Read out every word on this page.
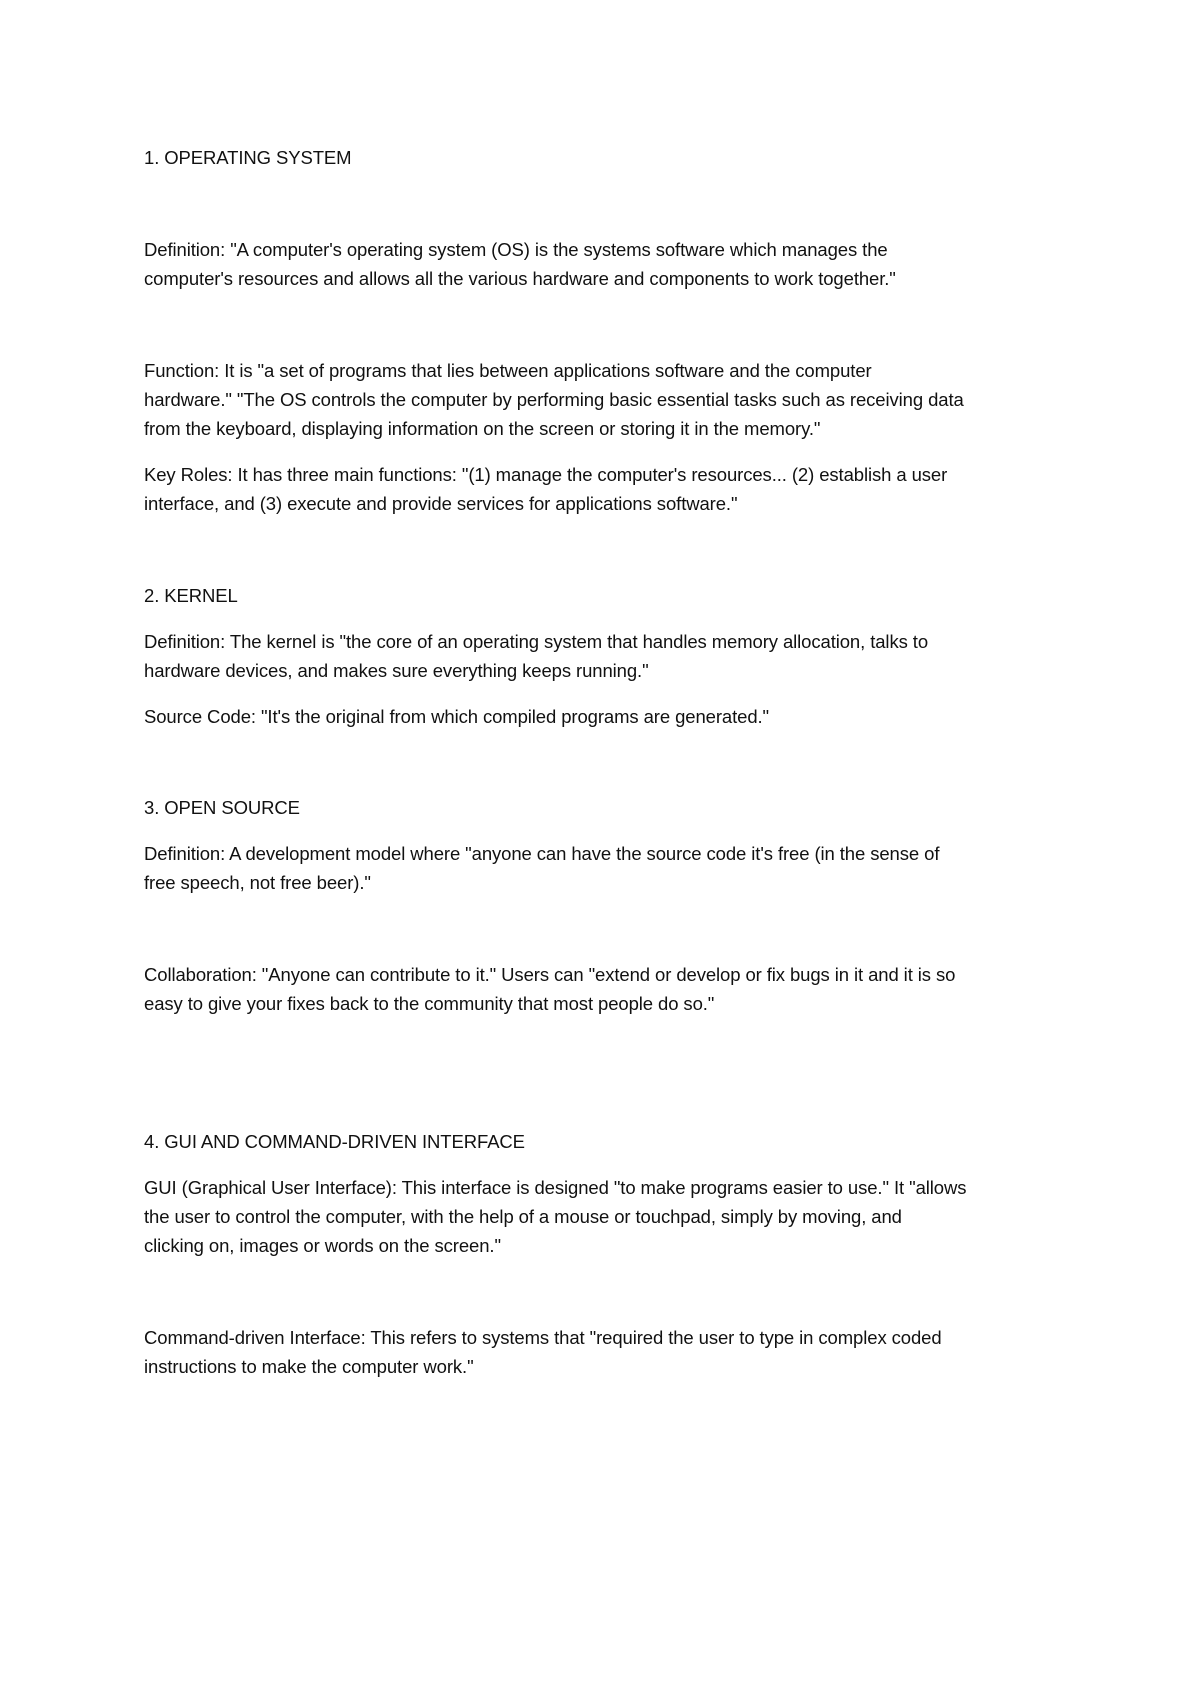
1. OPERATING SYSTEM
Definition: "A computer's operating system (OS) is the systems software which manages the
computer's resources and allows all the various hardware and components to work together."
Function: It is "a set of programs that lies between applications software and the computer
hardware." "The OS controls the computer by performing basic essential tasks such as receiving data
from the keyboard, displaying information on the screen or storing it in the memory."
Key Roles: It has three main functions: "(1) manage the computer's resources... (2) establish a user
interface, and (3) execute and provide services for applications software."
2. KERNEL
Definition: The kernel is "the core of an operating system that handles memory allocation, talks to
hardware devices, and makes sure everything keeps running."
Source Code: "It's the original from which compiled programs are generated."
3. OPEN SOURCE
Definition: A development model where "anyone can have the source code it's free (in the sense of
free speech, not free beer)."
Collaboration: "Anyone can contribute to it." Users can "extend or develop or fix bugs in it and it is so
easy to give your fixes back to the community that most people do so."
4. GUI AND COMMAND-DRIVEN INTERFACE
GUI (Graphical User Interface): This interface is designed "to make programs easier to use." It "allows
the user to control the computer, with the help of a mouse or touchpad, simply by moving, and
clicking on, images or words on the screen."
Command-driven Interface: This refers to systems that "required the user to type in complex coded
instructions to make the computer work."
